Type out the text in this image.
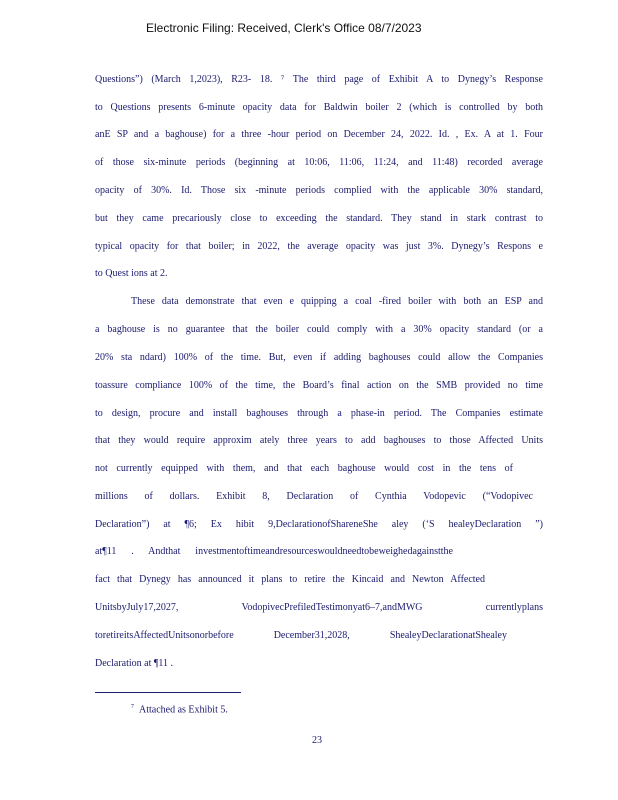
Electronic Filing: Received, Clerk's Office 08/7/2023
Questions”) (March 1,2023), R23- 18. ⁷ The third page of Exhibit A to Dynegy’s Response
to Questions presents 6-minute opacity data for Baldwin boiler 2 (which is controlled by both
anE SP and a baghouse) for a three -hour period on December 24, 2022. Id. , Ex. A at 1. Four
of those six-minute periods (beginning at 10:06, 11:06, 11:24, and 11:48) recorded average
opacity of 30%. Id. Those six -minute periods complied with the applicable 30% standard,
but they came precariously close to exceeding the standard. They stand in stark contrast to
typical opacity for that boiler; in 2022, the average opacity was just 3%. Dynegy’s Respons e
to Quest ions at 2.
These data demonstrate that even e quipping a coal -fired boiler with both an ESP and
a baghouse is no guarantee that the boiler could comply with a 30% opacity standard (or a
20% sta ndard) 100% of the time. But, even if adding baghouses could allow the Companies
toassure compliance 100% of the time, the Board’s final action on the SMB provided no time
to design, procure and install baghouses through a phase-in period. The Companies estimate
that they would require approxim ately three years to add baghouses to those Affected Units
not currently equipped with them, and that each baghouse would cost in the tens of
millions of dollars. Exhibit 8, Declaration of Cynthia Vodopevic (“Vodopivec
Declaration”) at ¶6; Ex hibit 9,DeclarationofShareneShe aley (‘S healeyDeclaration ”)
at¶11 . Andthat investmentoftimeandresourceswouldneedtobeweighedagainstthe
fact that Dynegy has announced it plans to retire the Kincaid and Newton Affected
UnitsbyJuly17,2027, VodopivecPrefiledTestimonyat6–7,andMWG currentlyplans
toretireitsAffectedUnitsonorbefore December31,2028, ShealeyDeclarationatShealey
Declaration at ¶11 .
$^7$ Attached as Exhibit 5.
23
